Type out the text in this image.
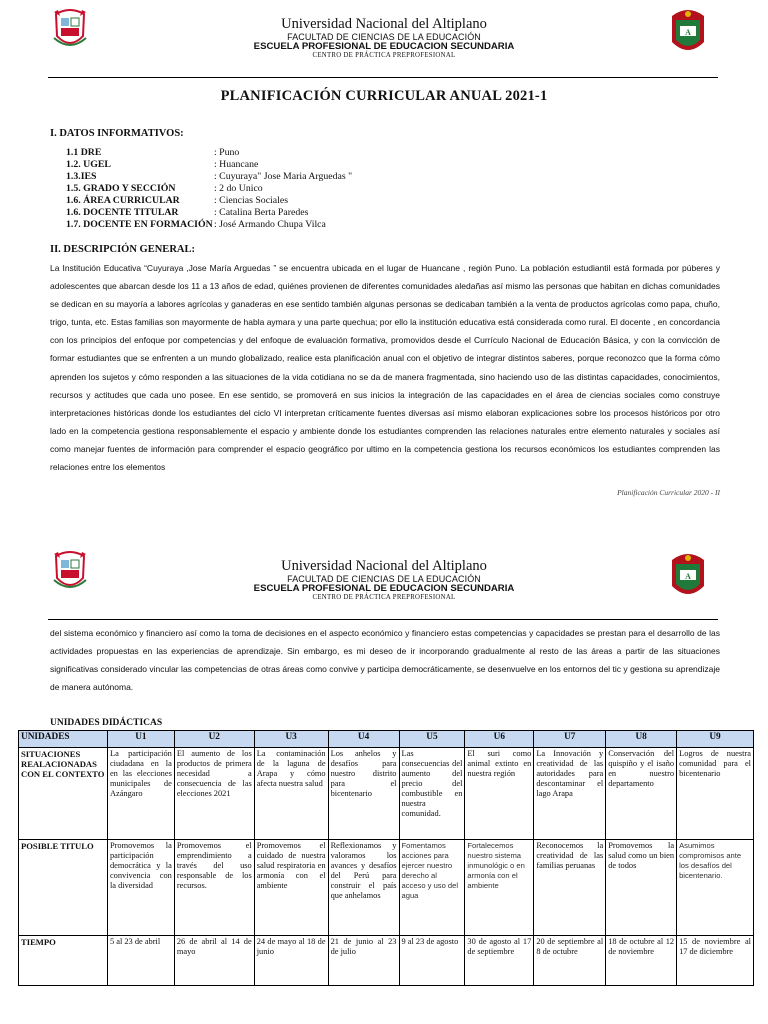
A
Universidad Nacional del Altiplano
FACULTAD DE CIENCIAS DE LA EDUCACIÓN
ESCUELA PROFESIONAL DE EDUCACION SECUNDARIA
CENTRO DE PRÁCTICA PREPROFESIONAL
PLANIFICACIÓN CURRICULAR ANUAL 2021-1
I. DATOS INFORMATIVOS:
1.1 DRE	: Puno
1.2. UGEL	: Huancane
1.3.IES	: Cuyuraya" Jose Maria Arguedas "
1.5. GRADO Y SECCIÓN	: 2 do Unico
1.6. ÁREA CURRICULAR	: Ciencias Sociales
1.6. DOCENTE TITULAR	: Catalina Berta Paredes
1.7. DOCENTE EN FORMACIÓN : José Armando Chupa Vilca
II. DESCRIPCIÓN GENERAL:
La Institución Educativa “Cuyuraya ,Jose María Arguedas ” se encuentra ubicada en el lugar de Huancane , región Puno. La población estudiantil está formada por púberes y adolescentes que abarcan desde los 11 a 13 años de edad, quiénes provienen de diferentes comunidades aledañas así mismo las personas que habitan en dichas comunidades se dedican en su mayoría a labores agrícolas y ganaderas en ese sentido también algunas personas se dedicaban también a la venta de productos agrícolas como papa, chuño, trigo, tunta, etc. Estas familias son mayormente de habla aymara y una parte quechua; por ello la institución educativa está considerada como rural. El docente , en concordancia con los principios del enfoque por competencias y del enfoque de evaluación formativa, promovidos desde el Currículo Nacional de Educación Básica, y con la convicción de formar estudiantes que se enfrenten a un mundo globalizado, realice esta planificación anual con el objetivo de integrar distintos saberes, porque reconozco que la forma cómo aprenden los sujetos y cómo responden a las situaciones de la vida cotidiana no se da de manera fragmentada, sino haciendo uso de las distintas capacidades, conocimientos, recursos y actitudes que cada uno posee. En ese sentido, se promoverá en sus inicios la integración de las capacidades en el área de ciencias sociales como construye interpretaciones históricas donde los estudiantes del ciclo VI interpretan críticamente fuentes diversas así mismo elaboran explicaciones sobre los procesos históricos por otro lado en la competencia gestiona responsablemente el espacio y ambiente donde los estudiantes comprenden las relaciones naturales entre elemento naturales y sociales así como manejar fuentes de información para comprender el espacio geográfico por ultimo en la competencia gestiona los recursos económicos los estudiantes comprenden las relaciones entre los elementos
Planificación Curricular 2020 - II
A
Universidad Nacional del Altiplano
FACULTAD DE CIENCIAS DE LA EDUCACIÓN
ESCUELA PROFESIONAL DE EDUCACION SECUNDARIA
CENTRO DE PRÁCTICA PREPROFESIONAL
del sistema económico y financiero así como la toma de decisiones en el aspecto económico y financiero estas competencias y capacidades se prestan para el desarrollo de las actividades propuestas en las experiencias de aprendizaje. Sin embargo, es mi deseo de ir incorporando gradualmente al resto de las áreas a partir de las situaciones significativas considerado vincular las competencias de otras áreas como convive y participa democráticamente, se desenvuelve en los entornos del tic y gestiona su aprendizaje de manera autónoma.
UNIDADES DIDÁCTICAS
UNIDADES	U1	U2	U3	U4	U5	U6	U7	U8	U9
SITUACIONES REALACIONADAS CON EL CONTEXTO	La participación ciudadana en la en las elecciones municipales de Azángaro	El aumento de los productos de primera necesidad a consecuencia de las elecciones 2021	La contaminación de la laguna de Arapa y cómo afecta nuestra salud	Los anhelos y desafíos para nuestro distrito para el bicentenario	Las consecuencias del aumento del precio del combustible en nuestra comunidad.	El suri como animal extinto en nuestra región	La Innovación y creatividad de las autoridades para descontaminar el lago Arapa	Conservación del quispiño y el isaño en nuestro departamento	Logros de nuestra comunidad para el bicentenario
POSIBLE TITULO	Promovemos la participación democrática y la convivencia con la diversidad	Promovemos el emprendimiento a través del uso responsable de los recursos.	Promovemos el cuidado de nuestra salud respiratoria en armonía con el ambiente	Reflexionamos y valoramos los avances y desafíos del Perú para construir el país que anhelamos	Fomentamos acciones para ejercer nuestro derecho al acceso y uso del agua	Fortalecemos nuestro sistema inmunológic o en armonía con el ambiente	Reconocemos la creatividad de las familias peruanas	Promovemos la salud como un bien de todos	Asumimos compromisos ante los desafíos del bicentenario.
TIEMPO	5 al 23 de abril	26 de abril al 14 de mayo	24 de mayo al 18 de junio	21 de junio al 23 de julio	9 al 23 de agosto	30 de agosto al 17 de septiembre	20 de septiembre al 8 de octubre	18 de octubre al 12 de noviembre	15 de noviembre al 17 de diciembre
